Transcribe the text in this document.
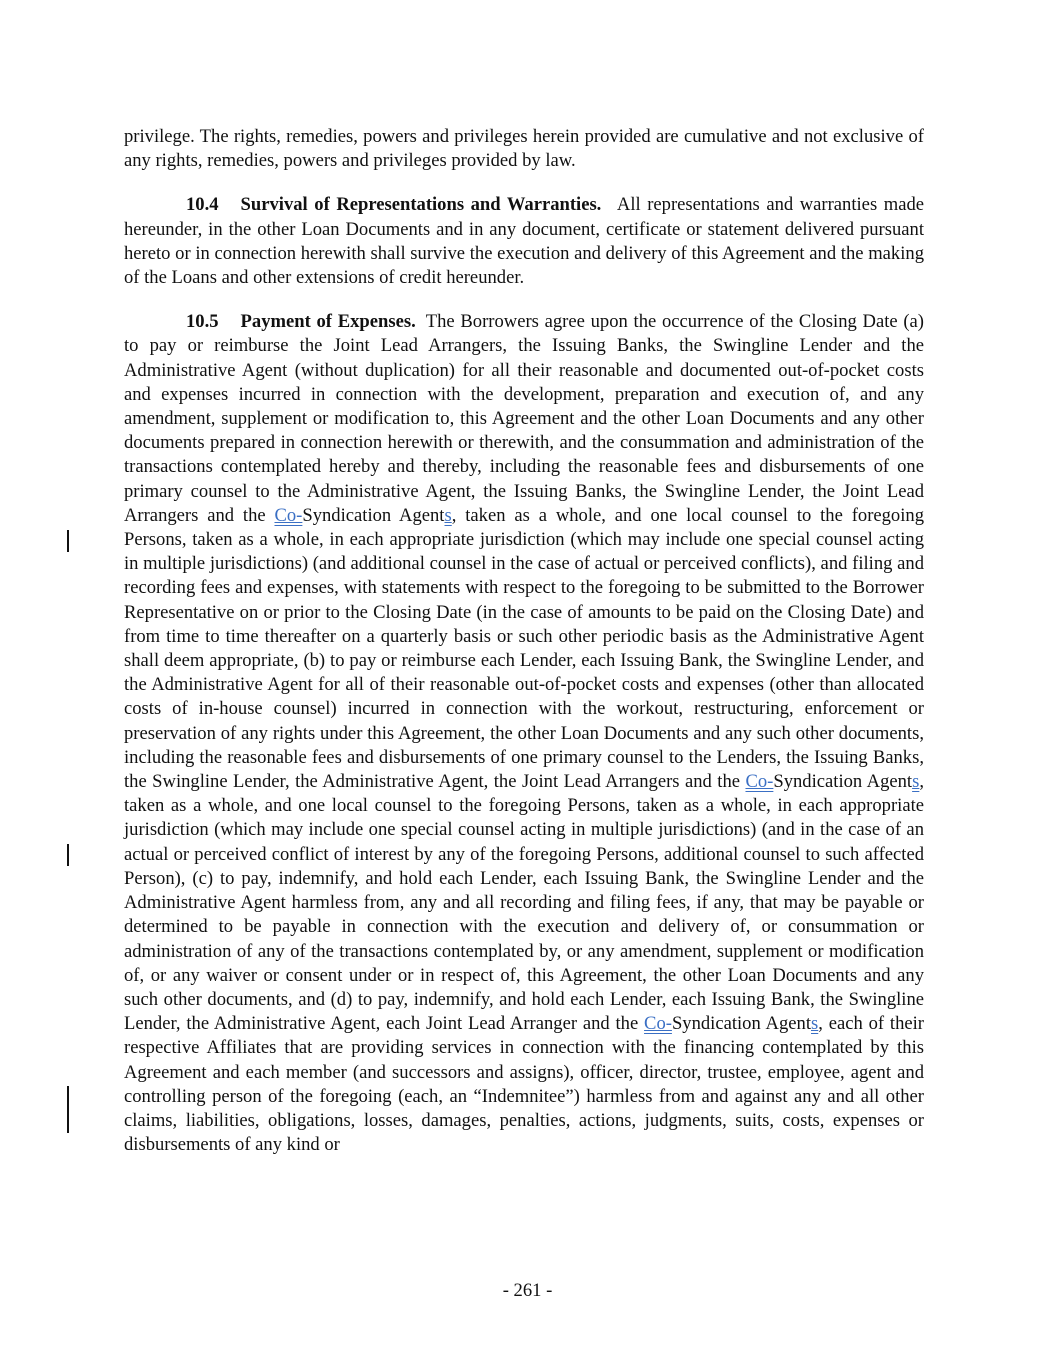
privilege. The rights, remedies, powers and privileges herein provided are cumulative and not exclusive of any rights, remedies, powers and privileges provided by law.

10.4 Survival of Representations and Warranties. All representations and warranties made hereunder, in the other Loan Documents and in any document, certificate or statement delivered pursuant hereto or in connection herewith shall survive the execution and delivery of this Agreement and the making of the Loans and other extensions of credit hereunder.

10.5 Payment of Expenses. The Borrowers agree upon the occurrence of the Closing Date (a) to pay or reimburse the Joint Lead Arrangers, the Issuing Banks, the Swingline Lender and the Administrative Agent (without duplication) for all their reasonable and documented out-of-pocket costs and expenses incurred in connection with the development, preparation and execution of, and any amendment, supplement or modification to, this Agreement and the other Loan Documents and any other documents prepared in connection herewith or therewith, and the consummation and administration of the transactions contemplated hereby and thereby, including the reasonable fees and disbursements of one primary counsel to the Administrative Agent, the Issuing Banks, the Swingline Lender, the Joint Lead Arrangers and the Co-Syndication Agents, taken as a whole, and one local counsel to the foregoing Persons, taken as a whole, in each appropriate jurisdiction (which may include one special counsel acting in multiple jurisdictions) (and additional counsel in the case of actual or perceived conflicts), and filing and recording fees and expenses, with statements with respect to the foregoing to be submitted to the Borrower Representative on or prior to the Closing Date (in the case of amounts to be paid on the Closing Date) and from time to time thereafter on a quarterly basis or such other periodic basis as the Administrative Agent shall deem appropriate, (b) to pay or reimburse each Lender, each Issuing Bank, the Swingline Lender, and the Administrative Agent for all of their reasonable out-of-pocket costs and expenses (other than allocated costs of in-house counsel) incurred in connection with the workout, restructuring, enforcement or preservation of any rights under this Agreement, the other Loan Documents and any such other documents, including the reasonable fees and disbursements of one primary counsel to the Lenders, the Issuing Banks, the Swingline Lender, the Administrative Agent, the Joint Lead Arrangers and the Co-Syndication Agents, taken as a whole, and one local counsel to the foregoing Persons, taken as a whole, in each appropriate jurisdiction (which may include one special counsel acting in multiple jurisdictions) (and in the case of an actual or perceived conflict of interest by any of the foregoing Persons, additional counsel to such affected Person), (c) to pay, indemnify, and hold each Lender, each Issuing Bank, the Swingline Lender and the Administrative Agent harmless from, any and all recording and filing fees, if any, that may be payable or determined to be payable in connection with the execution and delivery of, or consummation or administration of any of the transactions contemplated by, or any amendment, supplement or modification of, or any waiver or consent under or in respect of, this Agreement, the other Loan Documents and any such other documents, and (d) to pay, indemnify, and hold each Lender, each Issuing Bank, the Swingline Lender, the Administrative Agent, each Joint Lead Arranger and the Co-Syndication Agents, each of their respective Affiliates that are providing services in connection with the financing contemplated by this Agreement and each member (and successors and assigns), officer, director, trustee, employee, agent and controlling person of the foregoing (each, an “Indemnitee”) harmless from and against any and all other claims, liabilities, obligations, losses, damages, penalties, actions, judgments, suits, costs, expenses or disbursements of any kind or

- 261 -
